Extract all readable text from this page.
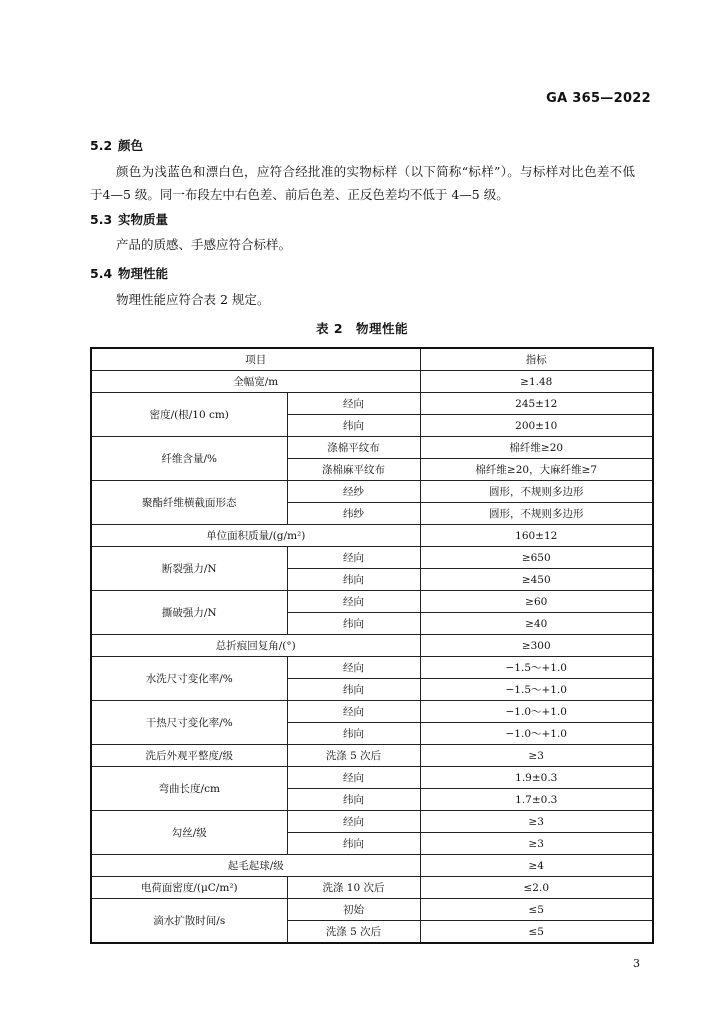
GA 365—2022
5.2 颜色
颜色为浅蓝色和漂白色，应符合经批准的实物标样（以下简称“标样”）。与标样对比色差不低于4—5 级。同一布段左中右色差、前后色差、正反色差均不低于 4—5 级。
5.3 实物质量
产品的质感、手感应符合标样。
5.4 物理性能
物理性能应符合表 2 规定。
表 2　物理性能
项目		指标
全幅宽/m		≥1.48
密度/(根/10 cm)	经向	245±12
	纬向	200±10
纤维含量/%	涤棉平纹布	棉纤维≥20
	涤棉麻平纹布	棉纤维≥20，大麻纤维≥7
聚酯纤维横截面形态	经纱	圆形，不规则多边形
	纬纱	圆形，不规则多边形
单位面积质量/(g/m²)		160±12
断裂强力/N	经向	≥650
	纬向	≥450
撕破强力/N	经向	≥60
	纬向	≥40
总折痕回复角/(°)		≥300
水洗尺寸变化率/%	经向	−1.5～+1.0
	纬向	−1.5～+1.0
干热尺寸变化率/%	经向	−1.0～+1.0
	纬向	−1.0～+1.0
洗后外观平整度/级	洗涤 5 次后	≥3
弯曲长度/cm	经向	1.9±0.3
	纬向	1.7±0.3
勾丝/级	经向	≥3
	纬向	≥3
起毛起球/级		≥4
电荷面密度/(μC/m²)	洗涤 10 次后	≤2.0
滴水扩散时间/s	初始	≤5
	洗涤 5 次后	≤5
3
